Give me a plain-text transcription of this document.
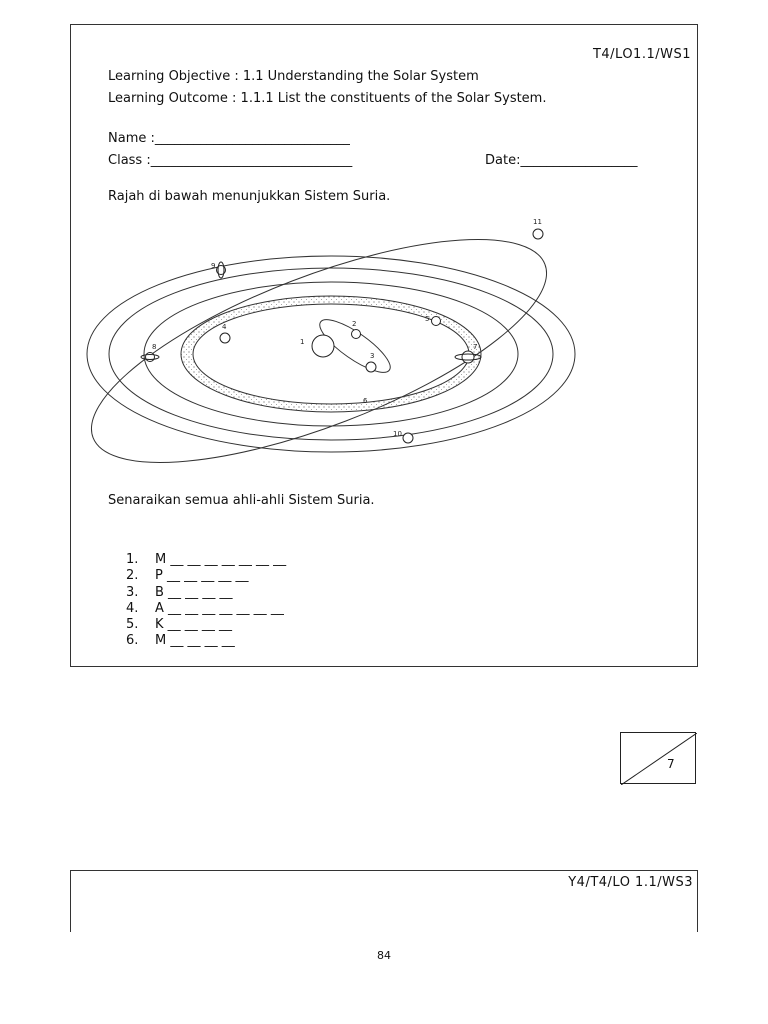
T4/LO1.1/WS1
Learning Objective : 1.1 Understanding the Solar System
Learning Outcome : 1.1.1 List the constituents of the Solar System.
Name :______________________________
Class :_______________________________	Date:__________________
Rajah di bawah menunjukkan Sistem Suria.
1
2
3
4
5
6
7
8
9
10
11
Senaraikan semua ahli-ahli Sistem Suria.
1. M __ __ __ __ __ __ __
2. P __ __ __ __ __
3. B __ __ __ __
4. A __ __ __ __ __ __ __
5. K __ __ __ __
6. M __ __ __ __
7
Y4/T4/LO 1.1/WS3
84
